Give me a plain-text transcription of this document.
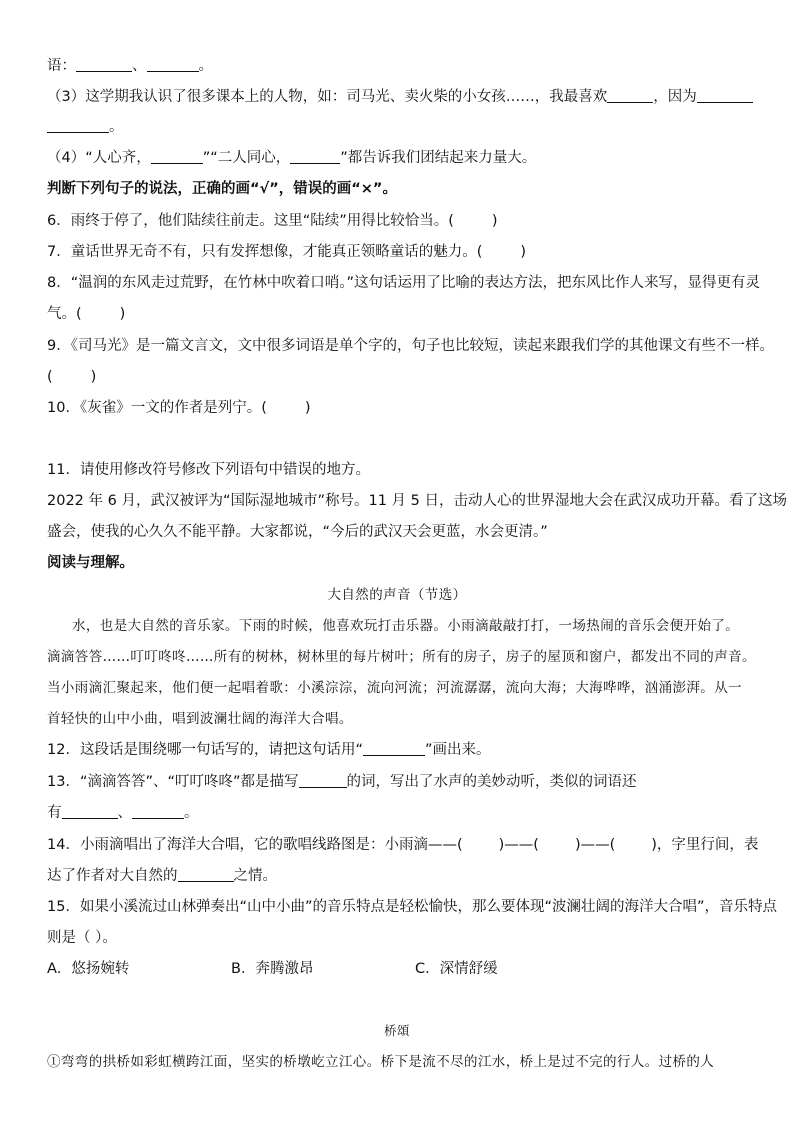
语：	、	。
（3）这学期我认识了很多课本上的人物，如：司马光、卖火柴的小女孩……，我最喜欢	，因为
。
（4）“人心齐，	”“二人同心，	”都告诉我们团结起来力量大。
判断下列句子的说法，正确的画“√”，错误的画“×”。
6．雨终于停了，他们陆续往前走。这里“陆续”用得比较恰当。(	)
7．童话世界无奇不有，只有发挥想像，才能真正领略童话的魅力。(	)
8．“温润的东风走过荒野，在竹林中吹着口哨。”这句话运用了比喻的表达方法，把东风比作人来写，显得更有灵
气。(	)
9．《司马光》是一篇文言文，文中很多词语是单个字的，句子也比较短，读起来跟我们学的其他课文有些不一样。
(	)
10．《灰雀》一文的作者是列宁。(	)
11．请使用修改符号修改下列语句中错误的地方。
2022 年 6 月，武汉被评为“国际湿地城市”称号。11 月 5 日，击动人心的世界湿地大会在武汉成功开幕。看了这场
盛会，使我的心久久不能平静。大家都说，“今后的武汉天会更蓝，水会更清。”
阅读与理解。
大自然的声音（节选）
水，也是大自然的音乐家。下雨的时候，他喜欢玩打击乐器。小雨滴敲敲打打，一场热闹的音乐会便开始了。
滴滴答答……叮叮咚咚……所有的树林，树林里的每片树叶；所有的房子，房子的屋顶和窗户，都发出不同的声音。
当小雨滴汇聚起来，他们便一起唱着歌：小溪淙淙，流向河流；河流潺潺，流向大海；大海哗哗，汹涌澎湃。从一
首轻快的山中小曲，唱到波澜壮阔的海洋大合唱。
12．这段话是围绕哪一句话写的，请把这句话用“	”画出来。
13．“滴滴答答”、“叮叮咚咚”都是描写	的词，写出了水声的美妙动听，类似的词语还
有	、	。
14．小雨滴唱出了海洋大合唱，它的歌唱线路图是：小雨滴——( )——( )——( )，字里行间，表
达了作者对大自然的	之情。
15．如果小溪流过山林弹奏出“山中小曲”的音乐特点是轻松愉快，那么要体现“波澜壮阔的海洋大合唱”，音乐特点
则是（ ）。
A．悠扬婉转	B．奔腾激昂	C．深情舒缓
桥頌
①弯弯的拱桥如彩虹横跨江面，坚实的桥墩屹立江心。桥下是流不尽的江水，桥上是过不完的行人。过桥的人
